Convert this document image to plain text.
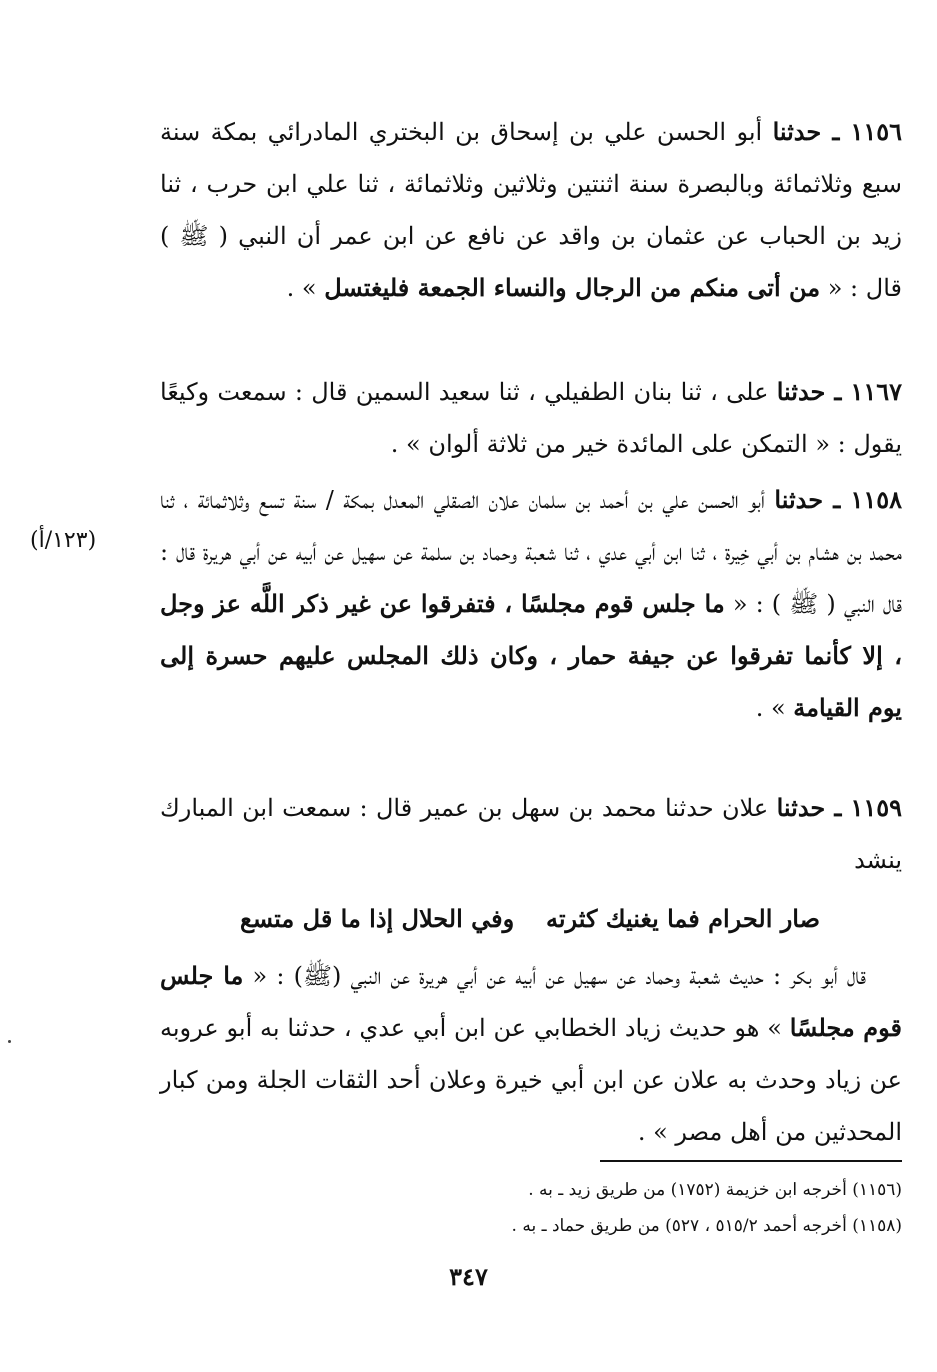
١١٥٦ ـ حدثنا أبو الحسن علي بن إسحاق بن البختري المادرائي بمكة سنة سبع وثلاثمائة وبالبصرة سنة اثنتين وثلاثين وثلاثمائة ، ثنا علي ابن حرب ، ثنا زيد بن الحباب عن عثمان بن واقد عن نافع عن ابن عمر أن النبي ( ﷺ ) قال : « من أتى منكم من الرجال والنساء الجمعة فليغتسل » .

١١٦٧ ـ حدثنا على ، ثنا بنان الطفيلي ، ثنا سعيد السمين قال : سمعت وكيعًا يقول : « التمكن على المائدة خير من ثلاثة ألوان » .

١١٥٨ ـ حدثنا أبو الحسن علي بن أحمد بن سلمان علان الصقلي المعدل بمكة / سنة تسع وثلاثمائة ، ثنا محمد بن هشام بن أبي خِيرة ، ثنا ابن أبي عدي ، ثنا شعبة وحماد بن سلمة عن سهيل عن أبيه عن أبي هريرة قال : قال النبي ( ﷺ ) : « ما جلس قوم مجلسًا ، فتفرقوا عن غير ذكر اللَّه عز وجل ، إلا كأنما تفرقوا عن جيفة حمار ، وكان ذلك المجلس عليهم حسرة إلى يوم القيامة » .

(١٢٣/أ)

١١٥٩ ـ حدثنا علان حدثنا محمد بن سهل بن عمير قال : سمعت ابن المبارك ينشد

صار الحرام فما يغنيك كثرته
وفي الحلال إذا ما قل متسع
قال أبو بكر : حديث شعبة وحماد عن سهيل عن أبيه عن أبي هريرة عن النبي (ﷺ) : « ما جلس قوم مجلسًا » هو حديث زياد الخطابي عن ابن أبي عدي ، حدثنا به أبو عروبه عن زياد وحدث به علان عن ابن أبي خيرة وعلان أحد الثقات الجلة ومن كبار المحدثين من أهل مصر » .

(١١٥٦) أخرجه ابن خزيمة (١٧٥٢) من طريق زيد ـ به .

(١١٥٨) أخرجه أحمد ٥١٥/٢ ، ٥٢٧) من طريق حماد ـ به .

٣٤٧
